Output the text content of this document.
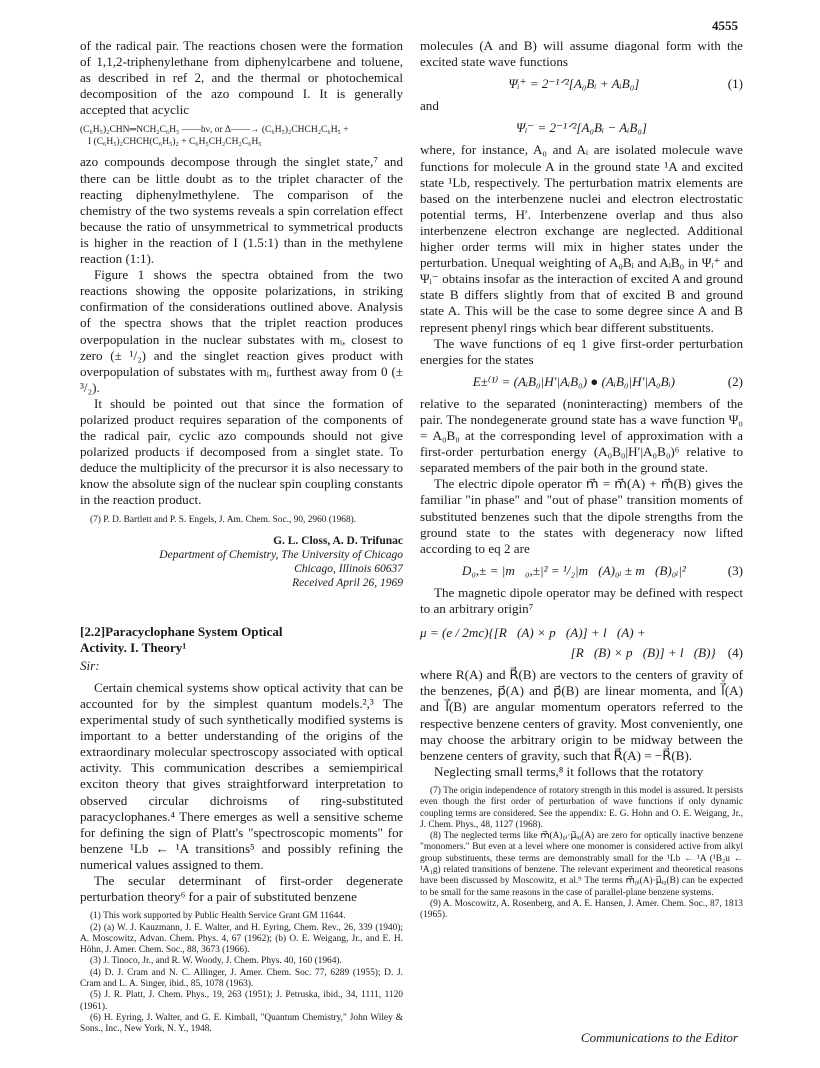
4555

of the radical pair. The reactions chosen were the formation of 1,1,2-triphenylethane from diphenylcarbene and toluene, as described in ref 2, and the thermal or photochemical decomposition of the azo compound I. It is generally accepted that acyclic

(C₆H₅)₂CHN═NCH₂C₆H₅ ——hν, or Δ——→ (C₆H₅)₂CHCH₂C₆H₅ +
I (C₆H₅)₂CHCH(C₆H₅)₂ + C₆H₅CH₂CH₂C₆H₅

azo compounds decompose through the singlet state,⁷ and there can be little doubt as to the triplet character of the reacting diphenylmethylene. The comparison of the chemistry of the two systems reveals a spin correlation effect because the ratio of unsymmetrical to symmetrical products is higher in the reaction of I (1.5:1) than in the methylene reaction (1:1).

Figure 1 shows the spectra obtained from the two reactions showing the opposite polarizations, in striking confirmation of the considerations outlined above. Analysis of the spectra shows that the triplet reaction produces overpopulation in the nuclear substates with mᵢ, closest to zero (± ¹/₂) and the singlet reaction gives product with overpopulation of substates with mᵢ, furthest away from 0 (± ³/₂).

It should be pointed out that since the formation of polarized product requires separation of the components of the radical pair, cyclic azo compounds should not give polarized products if decomposed from a singlet state. To deduce the multiplicity of the precursor it is also necessary to know the absolute sign of the nuclear spin coupling constants in the reaction product.

(7) P. D. Bartlett and P. S. Engels, J. Am. Chem. Soc., 90, 2960 (1968).

G. L. Closs, A. D. Trifunac
Department of Chemistry, The University of Chicago
Chicago, Illinois 60637
Received April 26, 1969
[2.2]Paracyclophane System Optical
Activity. I. Theory¹

Sir:

Certain chemical systems show optical activity that can be accounted for by the simplest quantum models.²,³ The experimental study of such synthetically modified systems is important to a better understanding of the origins of the extraordinary molecular spectroscopy associated with optical activity. This communication describes a semiempirical exciton theory that gives straightforward interpretation to observed circular dichroisms of ring-substituted paracyclophanes.⁴ There emerges as well a sensitive scheme for defining the sign of Platt's "spectroscopic moments" for benzene ¹Lb ← ¹A transitions⁵ and possibly refining the numerical values assigned to them.

The secular determinant of first-order degenerate perturbation theory⁶ for a pair of substituted benzene

(1) This work supported by Public Health Service Grant GM 11644.

(2) (a) W. J. Kauzmann, J. E. Walter, and H. Eyring, Chem. Rev., 26, 339 (1940); A. Moscowitz, Advan. Chem. Phys. 4, 67 (1962); (b) O. E. Weigang, Jr., and E. H. Höhn, J. Amer. Chem. Soc., 88, 3673 (1966).

(3) J. Tinoco, Jr., and R. W. Woody, J. Chem. Phys. 40, 160 (1964).

(4) D. J. Cram and N. C. Allinger, J. Amer. Chem. Soc. 77, 6289 (1955); D. J. Cram and L. A. Singer, ibid., 85, 1078 (1963).

(5) J. R. Platt, J. Chem. Phys., 19, 263 (1951); J. Petruska, ibid., 34, 1111, 1120 (1961).

(6) H. Eyring, J. Walter, and G. E. Kimball, "Quantum Chemistry," John Wiley & Sons., Inc., New York, N. Y., 1948.

molecules (A and B) will assume diagonal form with the excited state wave functions

Ψᵢ⁺ = 2⁻¹ᐟ²[A₀Bᵢ + AᵢB₀]	(1)

and

Ψᵢ⁻ = 2⁻¹ᐟ²[A₀Bᵢ − AᵢB₀]

where, for instance, A₀ and Aᵢ are isolated molecule wave functions for molecule A in the ground state ¹A and excited state ¹Lb, respectively. The perturbation matrix elements are based on the interbenzene nuclei and electron electrostatic potential terms, H′. Interbenzene overlap and thus also interbenzene electron exchange are neglected. Additional higher order terms will mix in higher states under the perturbation. Unequal weighting of A₀Bᵢ and AᵢB₀ in Ψᵢ⁺ and Ψᵢ⁻ obtains insofar as the interaction of excited A and ground state B differs slightly from that of excited B and ground state A. This will be the case to some degree since A and B represent phenyl rings which bear different substituents.

The wave functions of eq 1 give first-order perturbation energies for the states

E±⁽¹⁾ = (AᵢB₀|H′|AᵢB₀) ● (AᵢB₀|H′|A₀Bᵢ)	(2)

relative to the separated (noninteracting) members of the pair. The nondegenerate ground state has a wave function Ψ₀ = A₀B₀ at the corresponding level of approximation with a first-order perturbation energy (A₀B₀|H′|A₀B₀)⁶ relative to separated members of the pair both in the ground state.

The electric dipole operator m⃗ = m⃗(A) + m⃗(B) gives the familiar "in phase" and "out of phase" transition moments of substituted benzenes such that the dipole strengths from the ground state to the states with degeneracy now lifted according to eq 2 are

D₀,± = |m⃗₀,±|² = ¹/₂|m⃗(A)₀ᵢ ± m⃗(B)₀ᵢ|²	(3)

The magnetic dipole operator may be defined with respect to an arbitrary origin⁷

μ = (e / 2mc){[R⃗(A) × p⃗(A)] + l⃗(A) +
[R⃗(B) × p⃗(B)] + l⃗(B)} (4)

where R(A) and R⃗(B) are vectors to the centers of gravity of the benzenes, p⃗(A) and p⃗(B) are linear momenta, and l⃗(A) and l⃗(B) are angular momentum operators referred to the respective benzene centers of gravity. Most conveniently, one may choose the arbitrary origin to be midway between the benzene centers of gravity, such that R⃗(A) = −R⃗(B).

Neglecting small terms,⁸ it follows that the rotatory

(7) The origin independence of rotatory strength in this model is assured. It persists even though the first order of perturbation of wave functions if only dynamic coupling terms are considered. See the appendix: E. G. Hohn and O. E. Weigang, Jr., J. Chem. Phys., 48, 1127 (1968).

(8) The neglected terms like m⃗(A)₀ᵢ·μ⃗ᵢ₀(A) are zero for optically inactive benzene "monomers." But even at a level where one monomer is considered active from alkyl group substituents, these terms are demonstrably small for the ¹Lb ← ¹A (¹B₂u ← ¹A₁g) related transitions of benzene. The relevant experiment and theoretical reasons have been discussed by Moscowitz, et al.⁹ The terms m⃗₀ᵢ(A)·μ⃗ᵢ₀(B) can be expected to be small for the same reasons in the case of parallel-plane benzene systems.

(9) A. Moscowitz, A. Rosenberg, and A. E. Hansen, J. Amer. Chem. Soc., 87, 1813 (1965).

Communications to the Editor
